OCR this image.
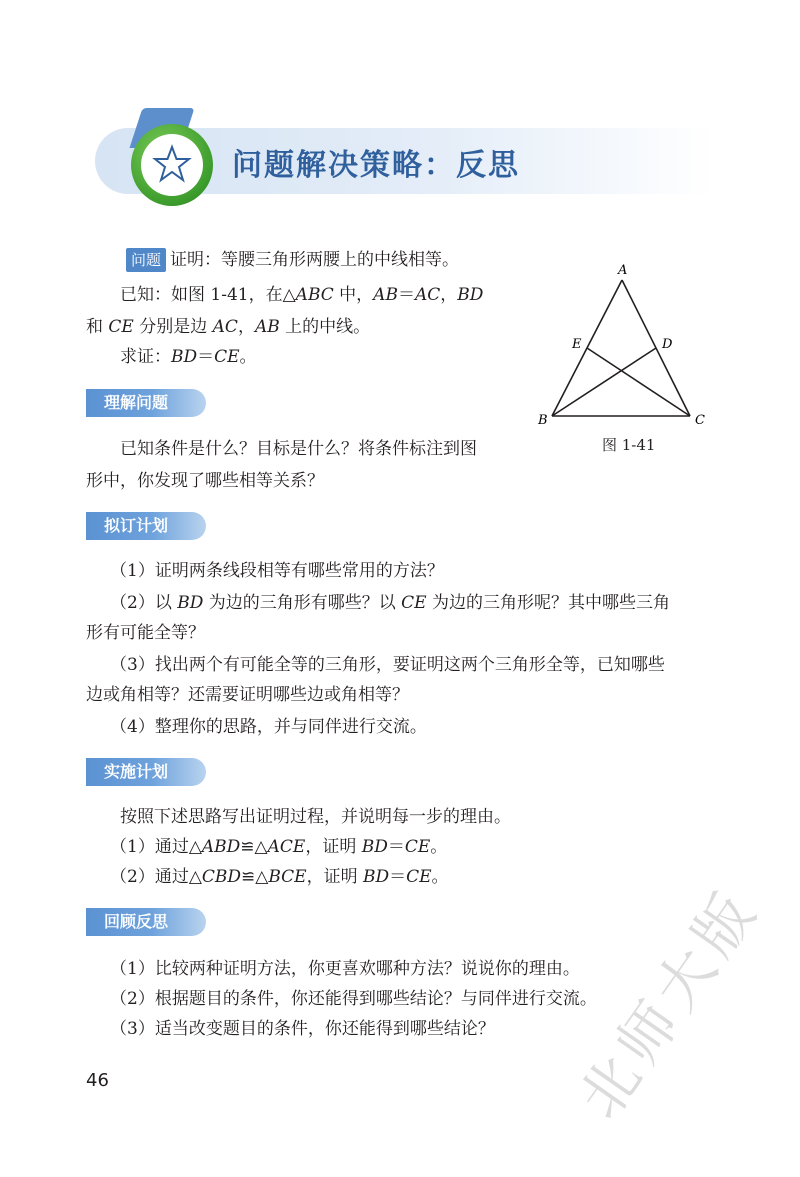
问题解决策略：反思
问题 证明：等腰三角形两腰上的中线相等。
已知：如图 1-41，在△ABC 中，AB＝AC，BD
和 CE 分别是边 AC，AB 上的中线。
求证：BD＝CE。
A
B	C
D
E
图 1-41
理解问题
已知条件是什么？目标是什么？将条件标注到图
形中，你发现了哪些相等关系？
拟订计划
（1）证明两条线段相等有哪些常用的方法？
（2）以 BD 为边的三角形有哪些？以 CE 为边的三角形呢？其中哪些三角
形有可能全等？
（3）找出两个有可能全等的三角形，要证明这两个三角形全等，已知哪些
边或角相等？还需要证明哪些边或角相等？
（4）整理你的思路，并与同伴进行交流。
实施计划
按照下述思路写出证明过程，并说明每一步的理由。
（1）通过△ABD≌△ACE，证明 BD＝CE。
（2）通过△CBD≌△BCE，证明 BD＝CE。
回顾反思
（1）比较两种证明方法，你更喜欢哪种方法？说说你的理由。
（2）根据题目的条件，你还能得到哪些结论？与同伴进行交流。
（3）适当改变题目的条件，你还能得到哪些结论？	北师大版
46
